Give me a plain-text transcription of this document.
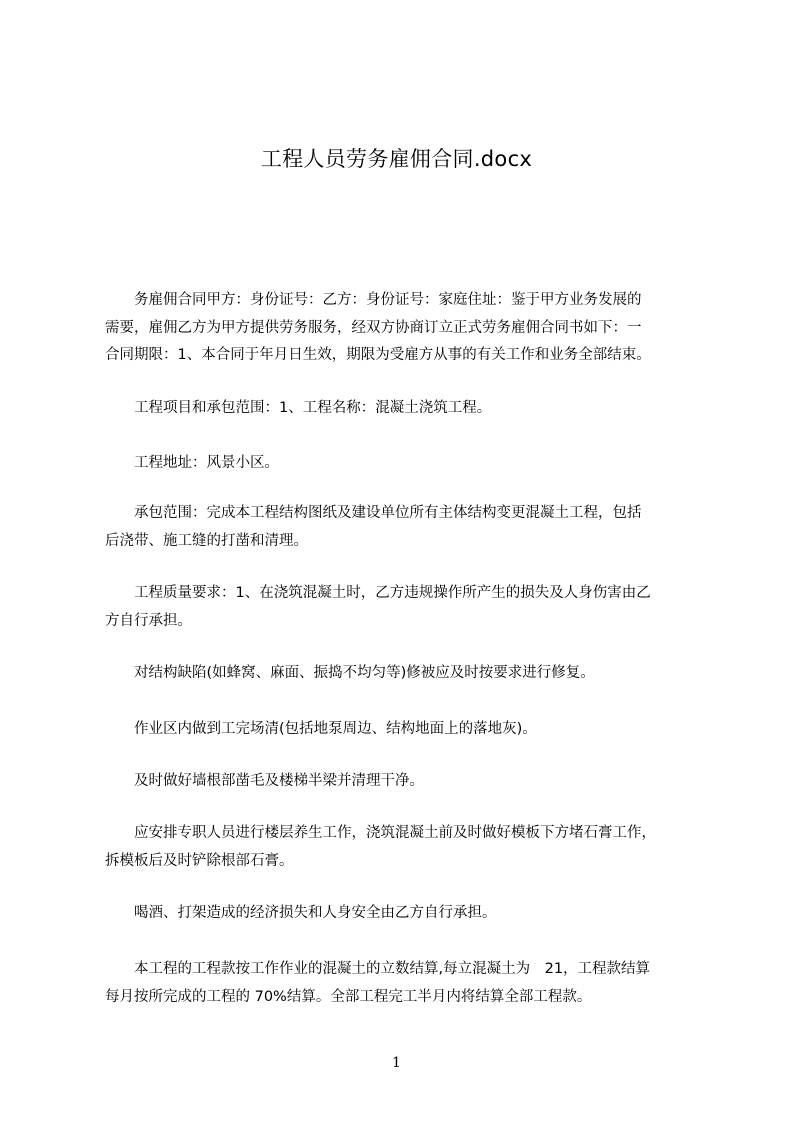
工程人员劳务雇佣合同.docx

　　务雇佣合同甲方：身份证号：乙方：身份证号：家庭住址：鉴于甲方业务发展的
需要，雇佣乙方为甲方提供劳务服务，经双方协商订立正式劳务雇佣合同书如下：一
合同期限：1、本合同于年月日生效，期限为受雇方从事的有关工作和业务全部结束。

　　工程项目和承包范围：1、工程名称：混凝土浇筑工程。

　　工程地址：风景小区。

　　承包范围：完成本工程结构图纸及建设单位所有主体结构变更混凝土工程，包括
后浇带、施工缝的打凿和清理。

　　工程质量要求：1、在浇筑混凝土时，乙方违规操作所产生的损失及人身伤害由乙
方自行承担。

　　对结构缺陷(如蜂窝、麻面、振捣不均匀等)修被应及时按要求进行修复。

　　作业区内做到工完场清(包括地泵周边、结构地面上的落地灰)。

　　及时做好墙根部凿毛及楼梯半梁并清理干净。

　　应安排专职人员进行楼层养生工作，浇筑混凝土前及时做好模板下方堵石膏工作，
拆模板后及时铲除根部石膏。

　　喝酒、打架造成的经济损失和人身安全由乙方自行承担。

　　本工程的工程款按工作作业的混凝土的立数结算,每立混凝土为　21，工程款结算
每月按所完成的工程的 70%结算。全部工程完工半月内将结算全部工程款。

1
